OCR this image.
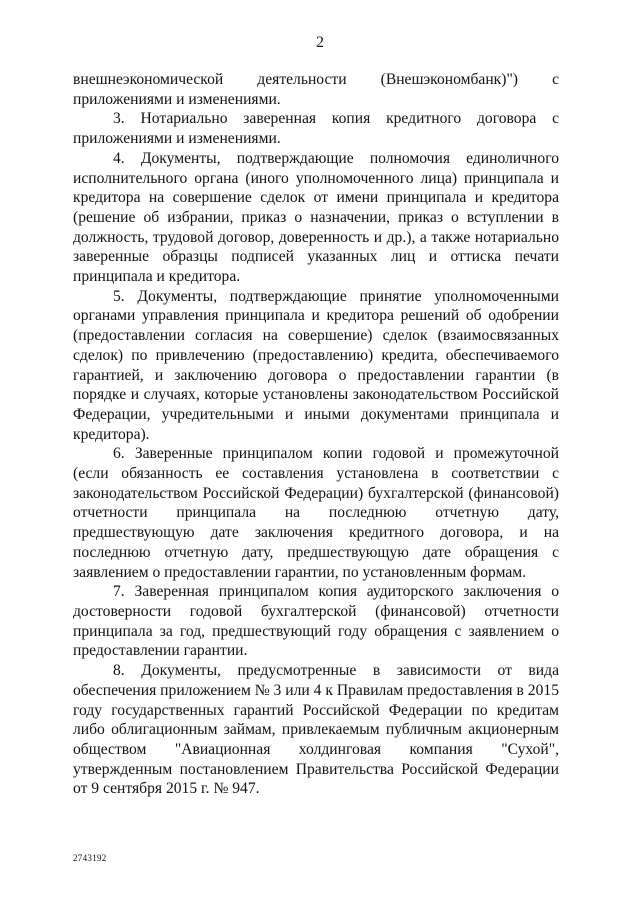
2

внешнеэкономической деятельности (Внешэкономбанк)") с приложениями и изменениями.

3. Нотариально заверенная копия кредитного договора с приложениями и изменениями.

4. Документы, подтверждающие полномочия единоличного исполнительного органа (иного уполномоченного лица) принципала и кредитора на совершение сделок от имени принципала и кредитора (решение об избрании, приказ о назначении, приказ о вступлении в должность, трудовой договор, доверенность и др.), а также нотариально заверенные образцы подписей указанных лиц и оттиска печати принципала и кредитора.

5. Документы, подтверждающие принятие уполномоченными органами управления принципала и кредитора решений об одобрении (предоставлении согласия на совершение) сделок (взаимосвязанных сделок) по привлечению (предоставлению) кредита, обеспечиваемого гарантией, и заключению договора о предоставлении гарантии (в порядке и случаях, которые установлены законодательством Российской Федерации, учредительными и иными документами принципала и кредитора).

6. Заверенные принципалом копии годовой и промежуточной (если обязанность ее составления установлена в соответствии с законодательством Российской Федерации) бухгалтерской (финансовой) отчетности принципала на последнюю отчетную дату, предшествующую дате заключения кредитного договора, и на последнюю отчетную дату, предшествующую дате обращения с заявлением о предоставлении гарантии, по установленным формам.

7. Заверенная принципалом копия аудиторского заключения о достоверности годовой бухгалтерской (финансовой) отчетности принципала за год, предшествующий году обращения с заявлением о предоставлении гарантии.

8. Документы, предусмотренные в зависимости от вида обеспечения приложением № 3 или 4 к Правилам предоставления в 2015 году государственных гарантий Российской Федерации по кредитам либо облигационным займам, привлекаемым публичным акционерным обществом "Авиационная холдинговая компания "Сухой", утвержденным постановлением Правительства Российской Федерации от 9 сентября 2015 г. № 947.

2743192
